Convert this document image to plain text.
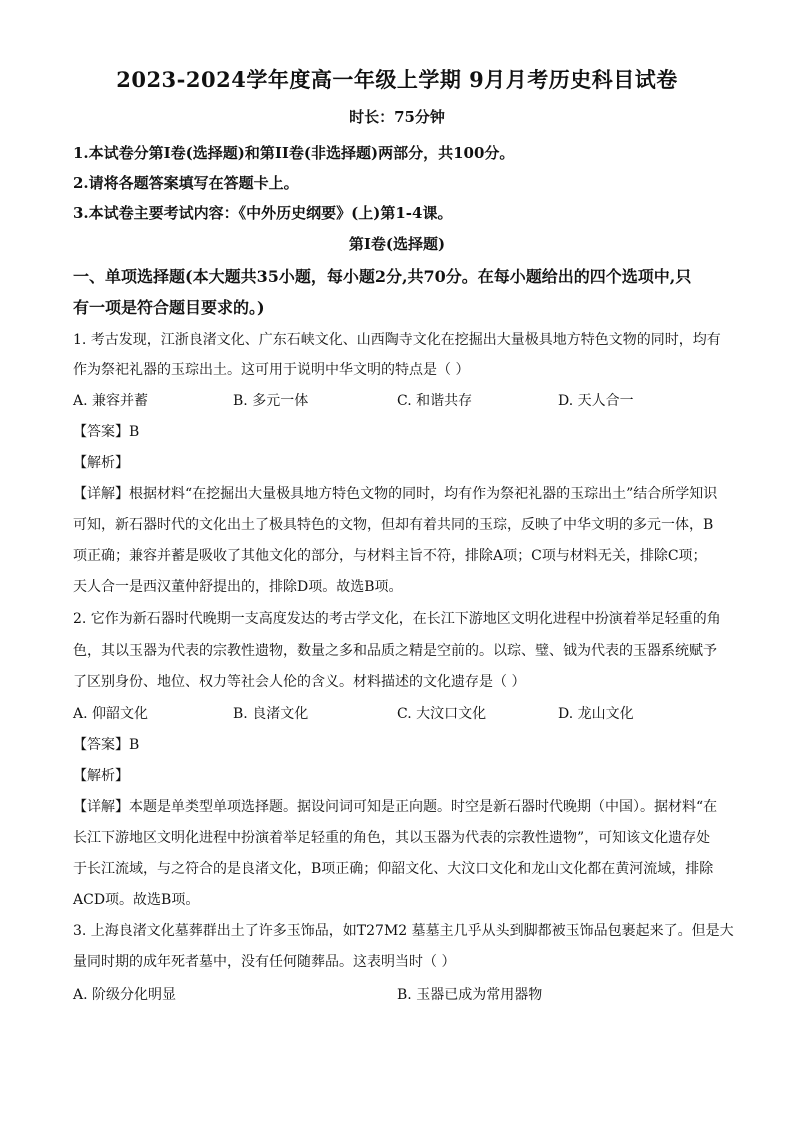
2023-2024学年度高一年级上学期 9月月考历史科目试卷
时长：75分钟
1.本试卷分第Ⅰ卷(选择题)和第II卷(非选择题)两部分，共100分。
2.请将各题答案填写在答题卡上。
3.本试卷主要考试内容：《中外历史纲要》(上)第1-4课。
第Ⅰ卷(选择题)
一、单项选择题(本大题共35小题，每小题2分,共70分。在每小题给出的四个选项中,只
有一项是符合题目要求的。)
1. 考古发现，江浙良渚文化、广东石峡文化、山西陶寺文化在挖掘出大量极具地方特色文物的同时，均有
作为祭祀礼器的玉琮出土。这可用于说明中华文明的特点是（ ）
A. 兼容并蓄	B. 多元一体	C. 和谐共存	D. 天人合一
【答案】B
【解析】
【详解】根据材料“在挖掘出大量极具地方特色文物的同时，均有作为祭祀礼器的玉琮出土”结合所学知识
可知，新石器时代的文化出土了极具特色的文物，但却有着共同的玉琮，反映了中华文明的多元一体，B
项正确；兼容并蓄是吸收了其他文化的部分，与材料主旨不符，排除A项；C项与材料无关，排除C项；
天人合一是西汉董仲舒提出的，排除D项。故选B项。
2. 它作为新石器时代晚期一支高度发达的考古学文化，在长江下游地区文明化进程中扮演着举足轻重的角
色，其以玉器为代表的宗教性遗物，数量之多和品质之精是空前的。以琮、璧、钺为代表的玉器系统赋予
了区别身份、地位、权力等社会人伦的含义。材料描述的文化遗存是（ ）
A. 仰韶文化	B. 良渚文化	C. 大汶口文化	D. 龙山文化
【答案】B
【解析】
【详解】本题是单类型单项选择题。据设问词可知是正向题。时空是新石器时代晚期（中国）。据材料“在
长江下游地区文明化进程中扮演着举足轻重的角色，其以玉器为代表的宗教性遗物”，可知该文化遗存处
于长江流域，与之符合的是良渚文化，B项正确；仰韶文化、大汶口文化和龙山文化都在黄河流域，排除
ACD项。故选B项。
3. 上海良渚文化墓葬群出土了许多玉饰品，如T27M2 墓墓主几乎从头到脚都被玉饰品包裹起来了。但是大
量同时期的成年死者墓中，没有任何随葬品。这表明当时（ ）
A. 阶级分化明显	B. 玉器已成为常用器物
